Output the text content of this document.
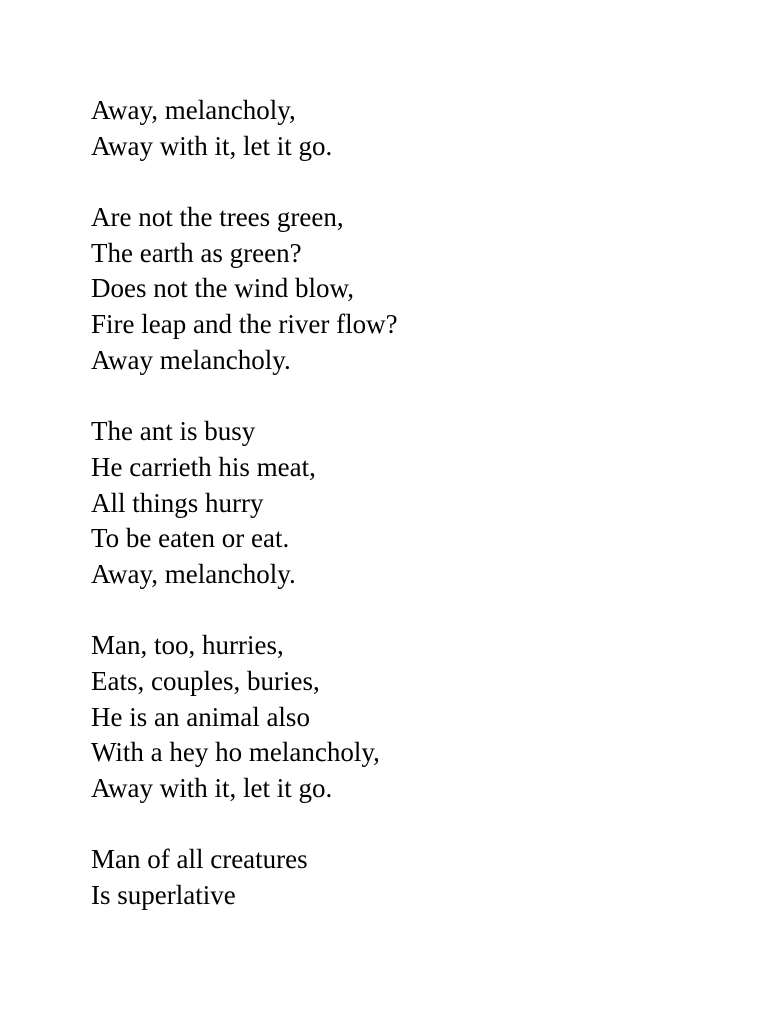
Away, melancholy,
Away with it, let it go.
Are not the trees green,
The earth as green?
Does not the wind blow,
Fire leap and the river flow?
Away melancholy.
The ant is busy
He carrieth his meat,
All things hurry
To be eaten or eat.
Away, melancholy.
Man, too, hurries,
Eats, couples, buries,
He is an animal also
With a hey ho melancholy,
Away with it, let it go.
Man of all creatures
Is superlative
